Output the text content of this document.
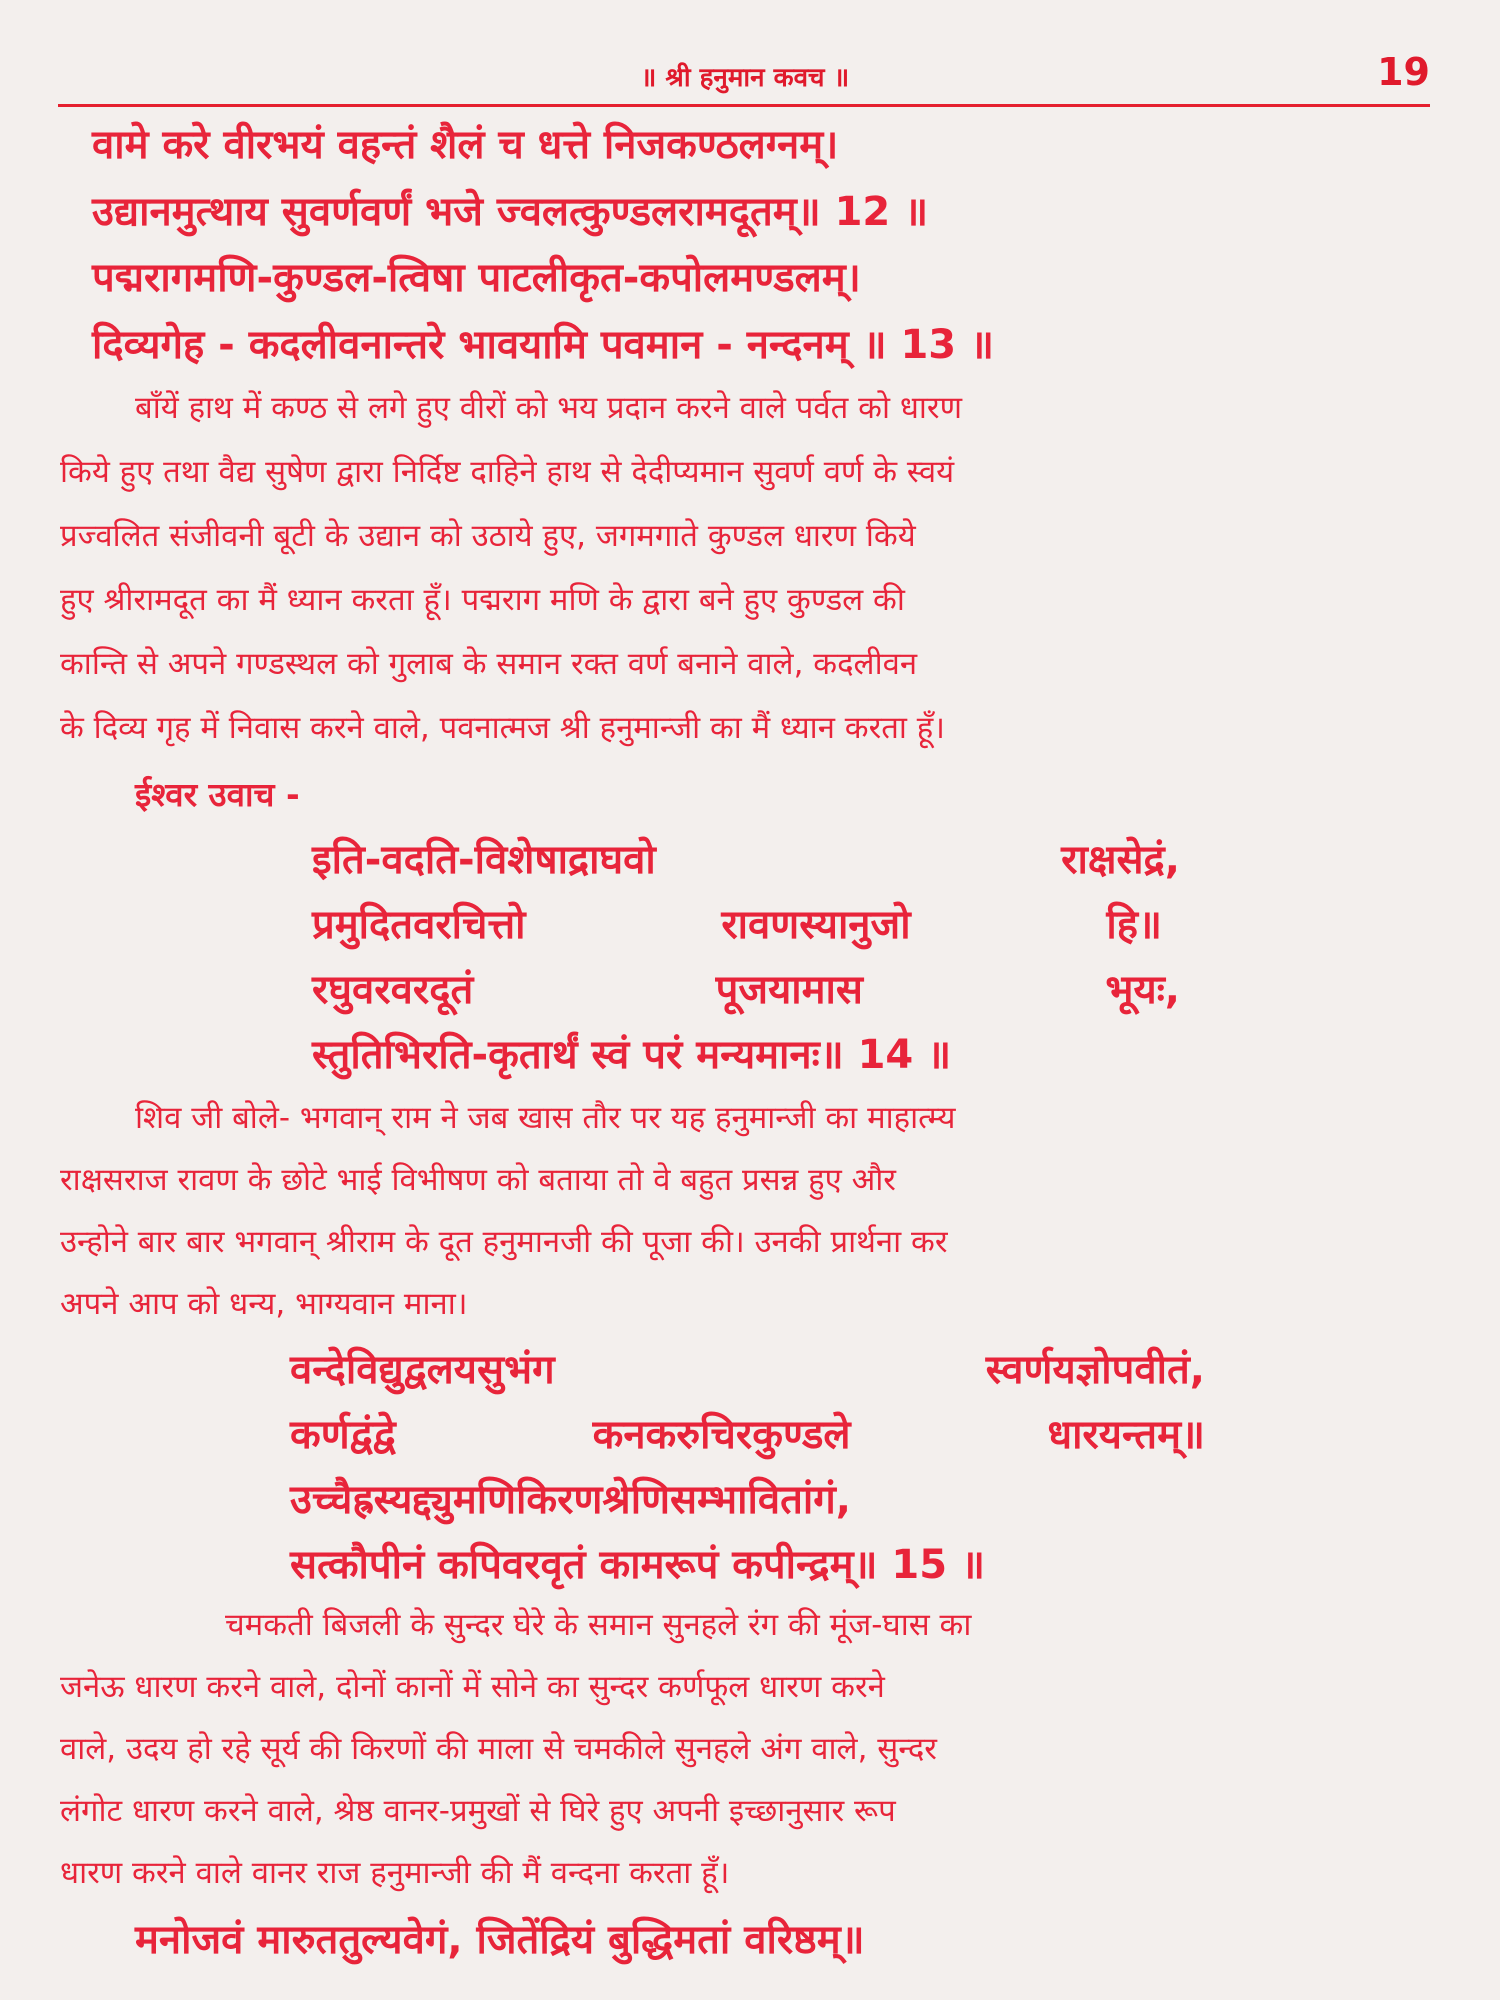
॥ श्री हनुमान कवच ॥	19
वामे करे वीरभयं वहन्तं शैलं च धत्ते निजकण्ठलग्नम्।
उद्यानमुत्थाय सुवर्णवर्णं भजे ज्वलत्कुण्डलरामदूतम्॥ 12 ॥
पद्मरागमणि-कुण्डल-त्विषा पाटलीकृत-कपोलमण्डलम्।
दिव्यगेह - कदलीवनान्तरे भावयामि पवमान - नन्दनम् ॥ 13 ॥
बाँयें हाथ में कण्ठ से लगे हुए वीरों को भय प्रदान करने वाले पर्वत को धारण
किये हुए तथा वैद्य सुषेण द्वारा निर्दिष्ट दाहिने हाथ से देदीप्यमान सुवर्ण वर्ण के स्वयं
प्रज्वलित संजीवनी बूटी के उद्यान को उठाये हुए, जगमगाते कुण्डल धारण किये
हुए श्रीरामदूत का मैं ध्यान करता हूँ। पद्मराग मणि के द्वारा बने हुए कुण्डल की
कान्ति से अपने गण्डस्थल को गुलाब के समान रक्त वर्ण बनाने वाले, कदलीवन
के दिव्य गृह में निवास करने वाले, पवनात्मज श्री हनुमान्जी का मैं ध्यान करता हूँ।
ईश्वर उवाच -
इति-वदति-विशेषाद्राघवो	राक्षसेद्रं,
प्रमुदितवरचित्तो	रावणस्यानुजो	हि॥
रघुवरवरदूतं	पूजयामास	भूयः,
स्तुतिभिरति-कृतार्थं स्वं परं मन्यमानः॥ 14 ॥
शिव जी बोले- भगवान् राम ने जब खास तौर पर यह हनुमान्जी का माहात्म्य
राक्षसराज रावण के छोटे भाई विभीषण को बताया तो वे बहुत प्रसन्न हुए और
उन्होने बार बार भगवान् श्रीराम के दूत हनुमानजी की पूजा की। उनकी प्रार्थना कर
अपने आप को धन्य, भाग्यवान माना।
वन्देविद्युद्वलयसुभंग	स्वर्णयज्ञोपवीतं,
कर्णद्वंद्वे	कनकरुचिरकुण्डले	धारयन्तम्॥
उच्चैह्रस्यद्द्युमणिकिरणश्रेणिसम्भावितांगं,
सत्कौपीनं कपिवरवृतं कामरूपं कपीन्द्रम्॥ 15 ॥
चमकती बिजली के सुन्दर घेरे के समान सुनहले रंग की मूंज-घास का
जनेऊ धारण करने वाले, दोनों कानों में सोने का सुन्दर कर्णफूल धारण करने
वाले, उदय हो रहे सूर्य की किरणों की माला से चमकीले सुनहले अंग वाले, सुन्दर
लंगोट धारण करने वाले, श्रेष्ठ वानर-प्रमुखों से घिरे हुए अपनी इच्छानुसार रूप
धारण करने वाले वानर राज हनुमान्जी की मैं वन्दना करता हूँ।
मनोजवं मारुततुल्यवेगं, जितेंद्रियं बुद्धिमतां वरिष्ठम्॥
